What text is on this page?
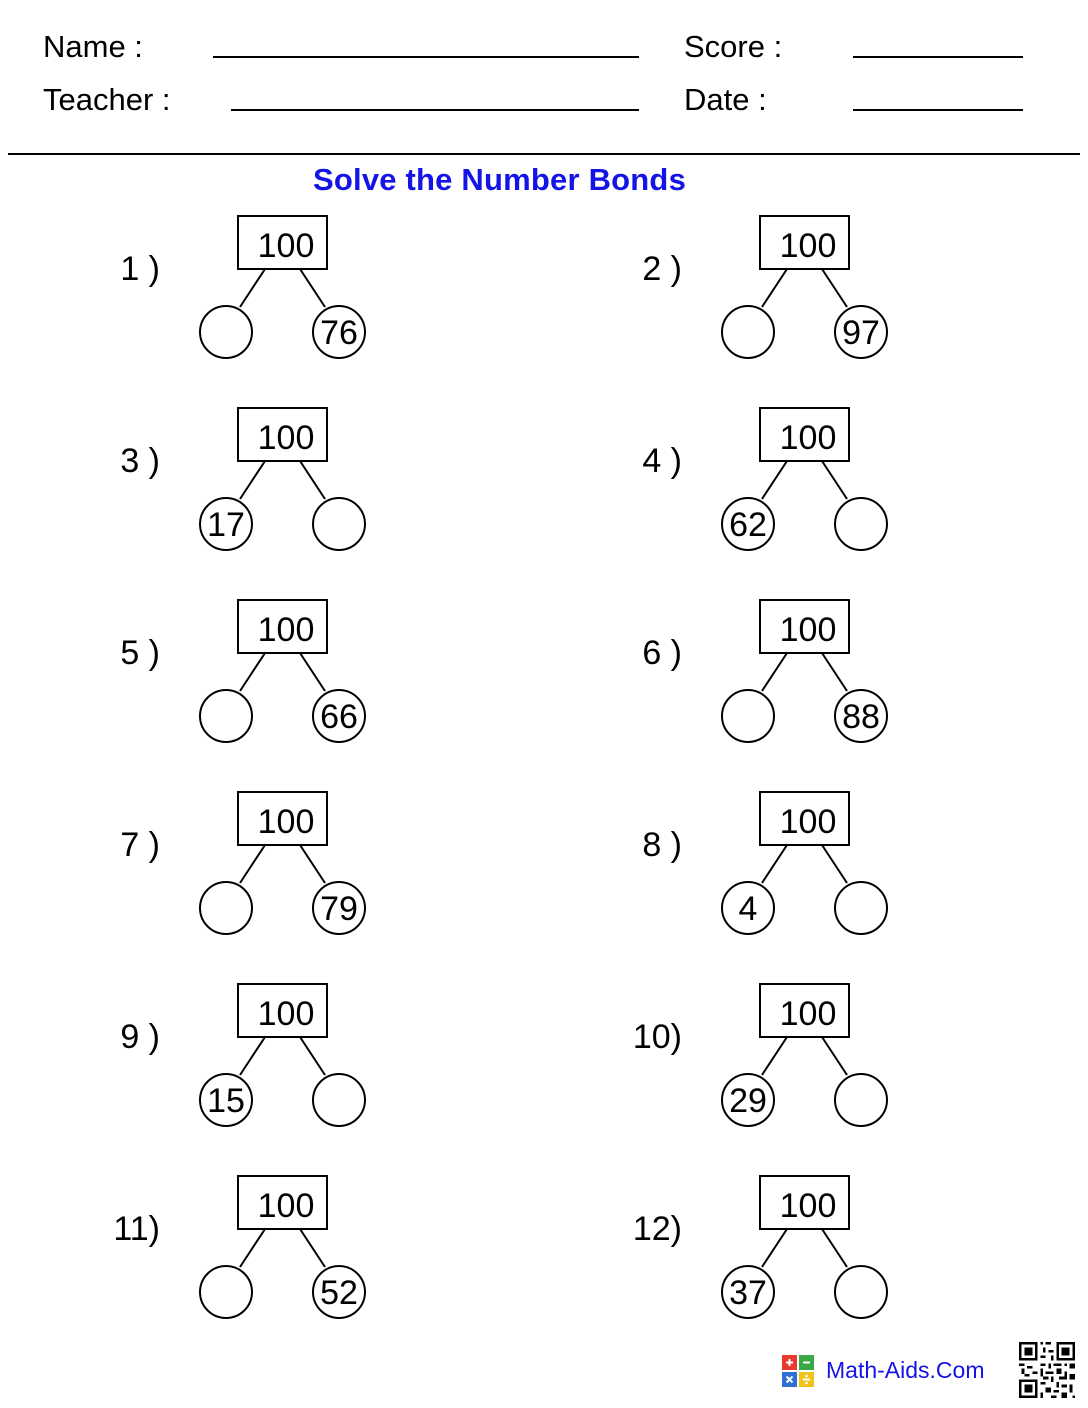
Name :	Score :
Teacher :	Date :
Solve the Number Bonds
1 )
100
76
2 )
100
97
3 )
100
17
4 )
100
62
5 )
100
66
6 )
100
88
7 )
100
79
8 )
100
4
9 )
100
15
10)
100
29
11)
100
52
12)
100
37
Math-Aids.Com
